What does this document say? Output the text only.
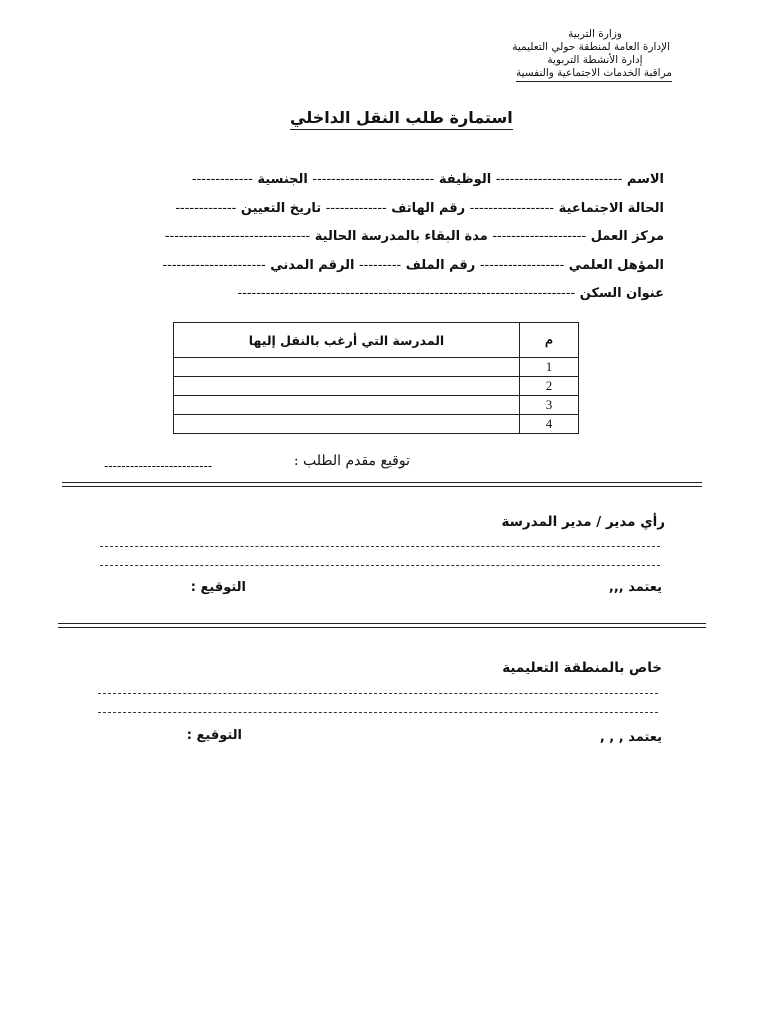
وزارة التربية
الإدارة العامة لمنطقة حولي التعليمية
إدارة الأنشطة التربوية
مراقبة الخدمات الاجتماعية والنفسية
استمارة طلب النقل الداخلي
الاسم --------------------------- الوظيفة -------------------------- الجنسية -------------
الحالة الاجتماعية ------------------ رقم الهاتف ------------- تاريخ التعيين -------------
مركز العمل -------------------- مدة البقاء بالمدرسة الحالية -------------------------------
المؤهل العلمي ------------------ رقم الملف --------- الرقم المدني ----------------------
عنوان السكن ------------------------------------------------------------------------
م	المدرسة التي أرغب بالنقل إليها
1	
2	
3	
4	
توقيع مقدم الطلب :
-------------------------
رأي مدير / مدير المدرسة
يعتمد ,,,
التوقيع :
خاص بالمنطقة التعليمية
يعتمد , , ,
التوقيع :
